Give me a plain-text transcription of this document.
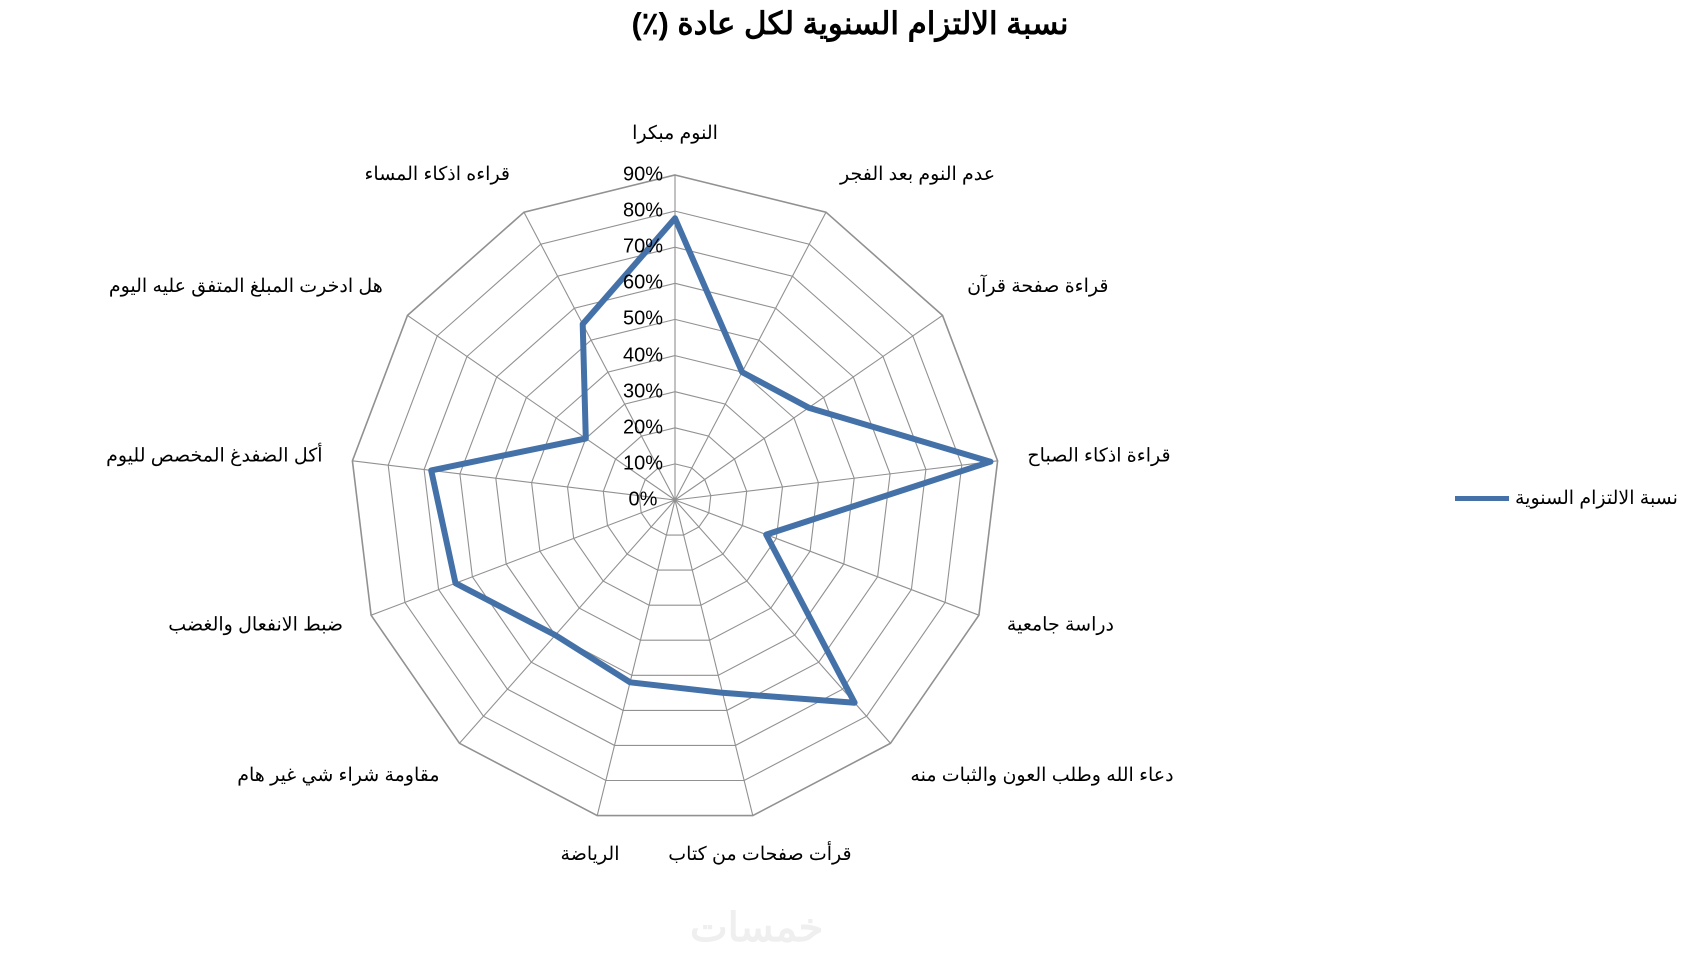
نسبة الالتزام السنوية لكل عادة (٪)
0%
10%
20%
30%
40%
50%
60%
70%
80%
90%
النوم مبكرا
عدم النوم بعد الفجر
قراءة صفحة قرآن
قراءة اذكاء الصباح
دراسة جامعية
دعاء الله وطلب العون والثبات منه
قرأت صفحات من كتاب
الرياضة
مقاومة شراء شي غير هام
ضبط الانفعال والغضب
أكل الضفدغ المخصص لليوم
هل ادخرت المبلغ المتفق عليه اليوم
قراءه اذكاء المساء
نسبة الالتزام السنوية
خمسات
